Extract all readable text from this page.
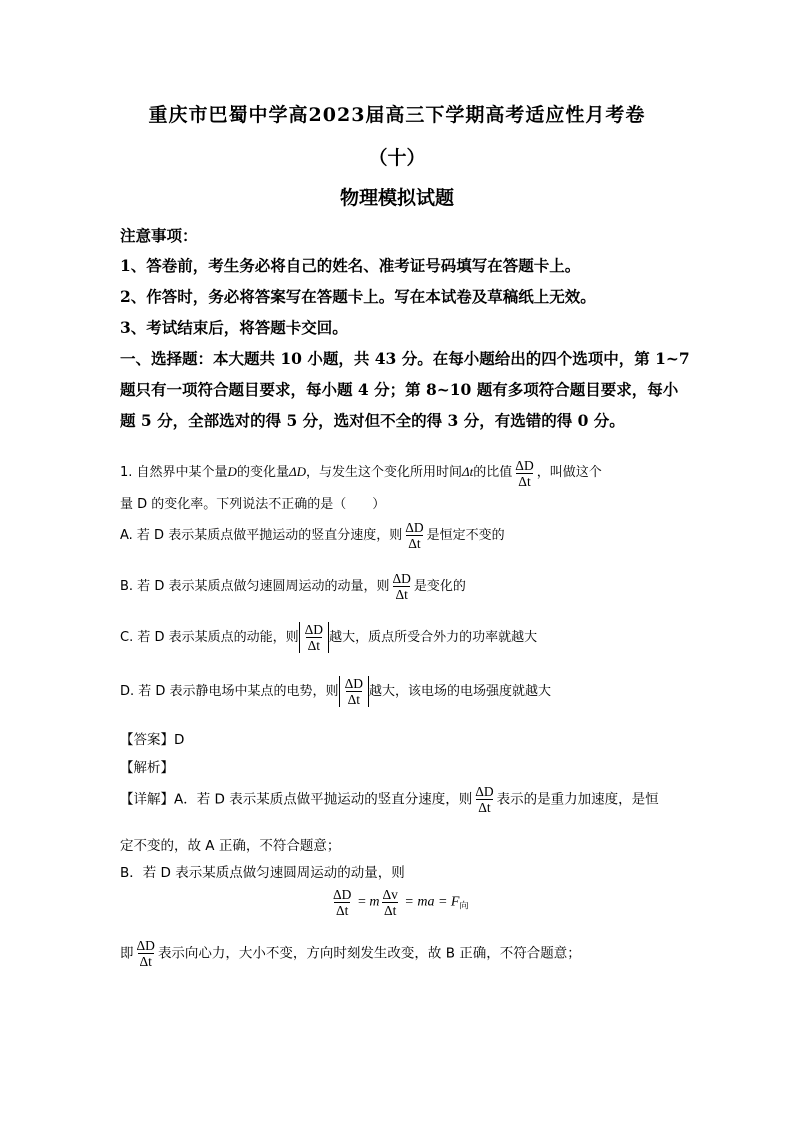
重庆市巴蜀中学高2023届高三下学期高考适应性月考卷
（十）
物理模拟试题
注意事项：
1、答卷前，考生务必将自己的姓名、准考证号码填写在答题卡上。
2、作答时，务必将答案写在答题卡上。写在本试卷及草稿纸上无效。
3、考试结束后，将答题卡交回。
一、选择题：本大题共 10 小题，共 43 分。在每小题给出的四个选项中，第 1~7
题只有一项符合题目要求，每小题 4 分；第 8~10 题有多项符合题目要求，每小
题 5 分，全部选对的得 5 分，选对但不全的得 3 分，有选错的得 0 分。
1. 自然界中某个量D的变化量ΔD，与发生这个变化所用时间Δt的比值 $\frac{\Delta D}{\Delta t}$ ，叫做这个
量 D 的变化率。下列说法不正确的是（　　）
A. 若 D 表示某质点做平抛运动的竖直分速度，则 $\frac{\Delta D}{\Delta t}$ 是恒定不变的
B. 若 D 表示某质点做匀速圆周运动的动量，则 $\frac{\Delta D}{\Delta t}$ 是变化的
C. 若 D 表示某质点的动能，则 $\frac{\Delta D}{\Delta t}$ 越大，质点所受合外力的功率就越大
D. 若 D 表示静电场中某点的电势，则 $\frac{\Delta D}{\Delta t}$ 越大，该电场的电场强度就越大
【答案】D
【解析】
【详解】A．若 D 表示某质点做平抛运动的竖直分速度，则 $\frac{\Delta D}{\Delta t}$ 表示的是重力加速度，是恒
定不变的，故 A 正确，不符合题意；
B．若 D 表示某质点做匀速圆周运动的动量，则
$\frac{\Delta D}{\Delta t} = m \frac{\Delta v}{\Delta t}$ = ma = $F_向$
即 $\frac{\Delta D}{\Delta t}$ 表示向心力，大小不变，方向时刻发生改变，故 B 正确，不符合题意；
